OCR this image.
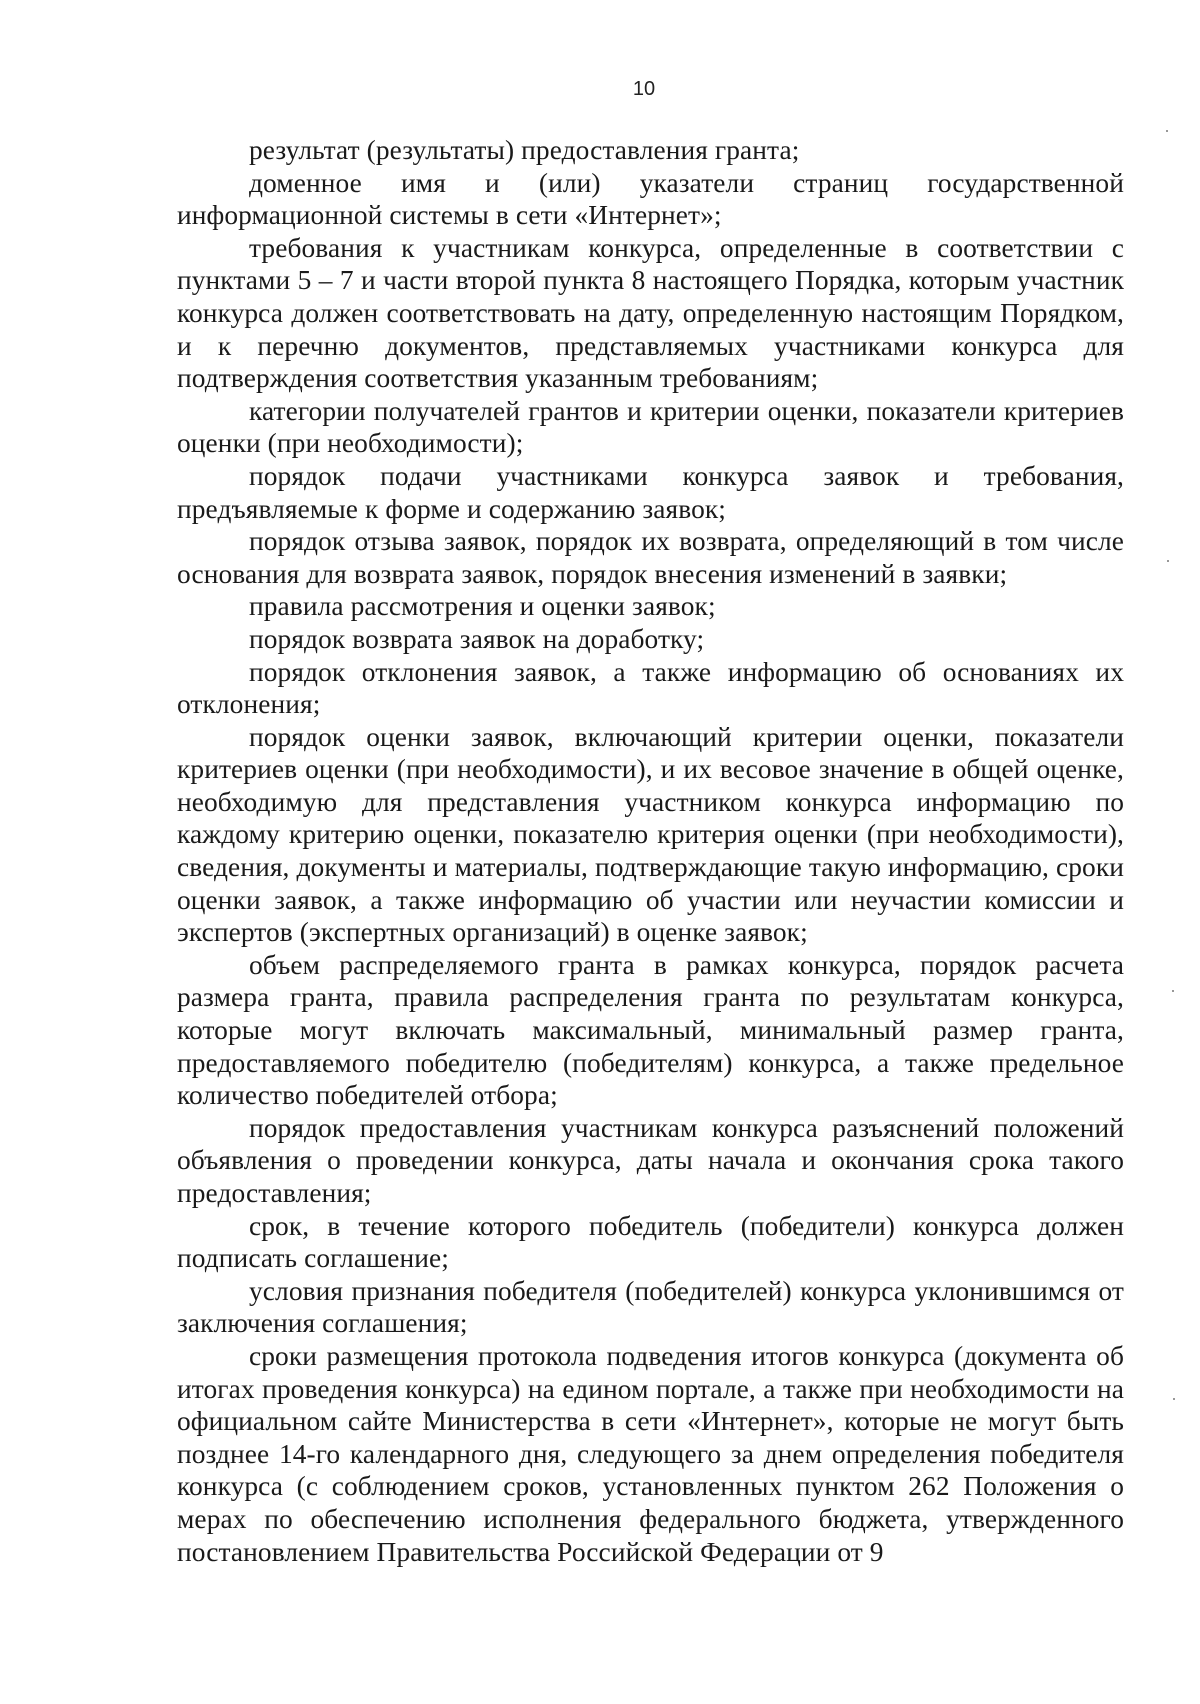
10

результат (результаты) предоставления гранта;

доменное имя и (или) указатели страниц государственной информационной системы в сети «Интернет»;

требования к участникам конкурса, определенные в соответствии с пунктами 5 – 7 и части второй пункта 8 настоящего Порядка, которым участник конкурса должен соответствовать на дату, определенную настоящим Порядком, и к перечню документов, представляемых участниками конкурса для подтверждения соответствия указанным требованиям;

категории получателей грантов и критерии оценки, показатели критериев оценки (при необходимости);

порядок подачи участниками конкурса заявок и требования, предъявляемые к форме и содержанию заявок;

порядок отзыва заявок, порядок их возврата, определяющий в том числе основания для возврата заявок, порядок внесения изменений в заявки;

правила рассмотрения и оценки заявок;

порядок возврата заявок на доработку;

порядок отклонения заявок, а также информацию об основаниях их отклонения;

порядок оценки заявок, включающий критерии оценки, показатели критериев оценки (при необходимости), и их весовое значение в общей оценке, необходимую для представления участником конкурса информацию по каждому критерию оценки, показателю критерия оценки (при необходимости), сведения, документы и материалы, подтверждающие такую информацию, сроки оценки заявок, а также информацию об участии или неучастии комиссии и экспертов (экспертных организаций) в оценке заявок;

объем распределяемого гранта в рамках конкурса, порядок расчета размера гранта, правила распределения гранта по результатам конкурса, которые могут включать максимальный, минимальный размер гранта, предоставляемого победителю (победителям) конкурса, а также предельное количество победителей отбора;

порядок предоставления участникам конкурса разъяснений положений объявления о проведении конкурса, даты начала и окончания срока такого предоставления;

срок, в течение которого победитель (победители) конкурса должен подписать соглашение;

условия признания победителя (победителей) конкурса уклонившимся от заключения соглашения;

сроки размещения протокола подведения итогов конкурса (документа об итогах проведения конкурса) на едином портале, а также при необходимости на официальном сайте Министерства в сети «Интернет», которые не могут быть позднее 14-го календарного дня, следующего за днем определения победителя конкурса (с соблюдением сроков, установленных пунктом 262 Положения о мерах по обеспечению исполнения федерального бюджета, утвержденного постановлением Правительства Российской Федерации от 9
